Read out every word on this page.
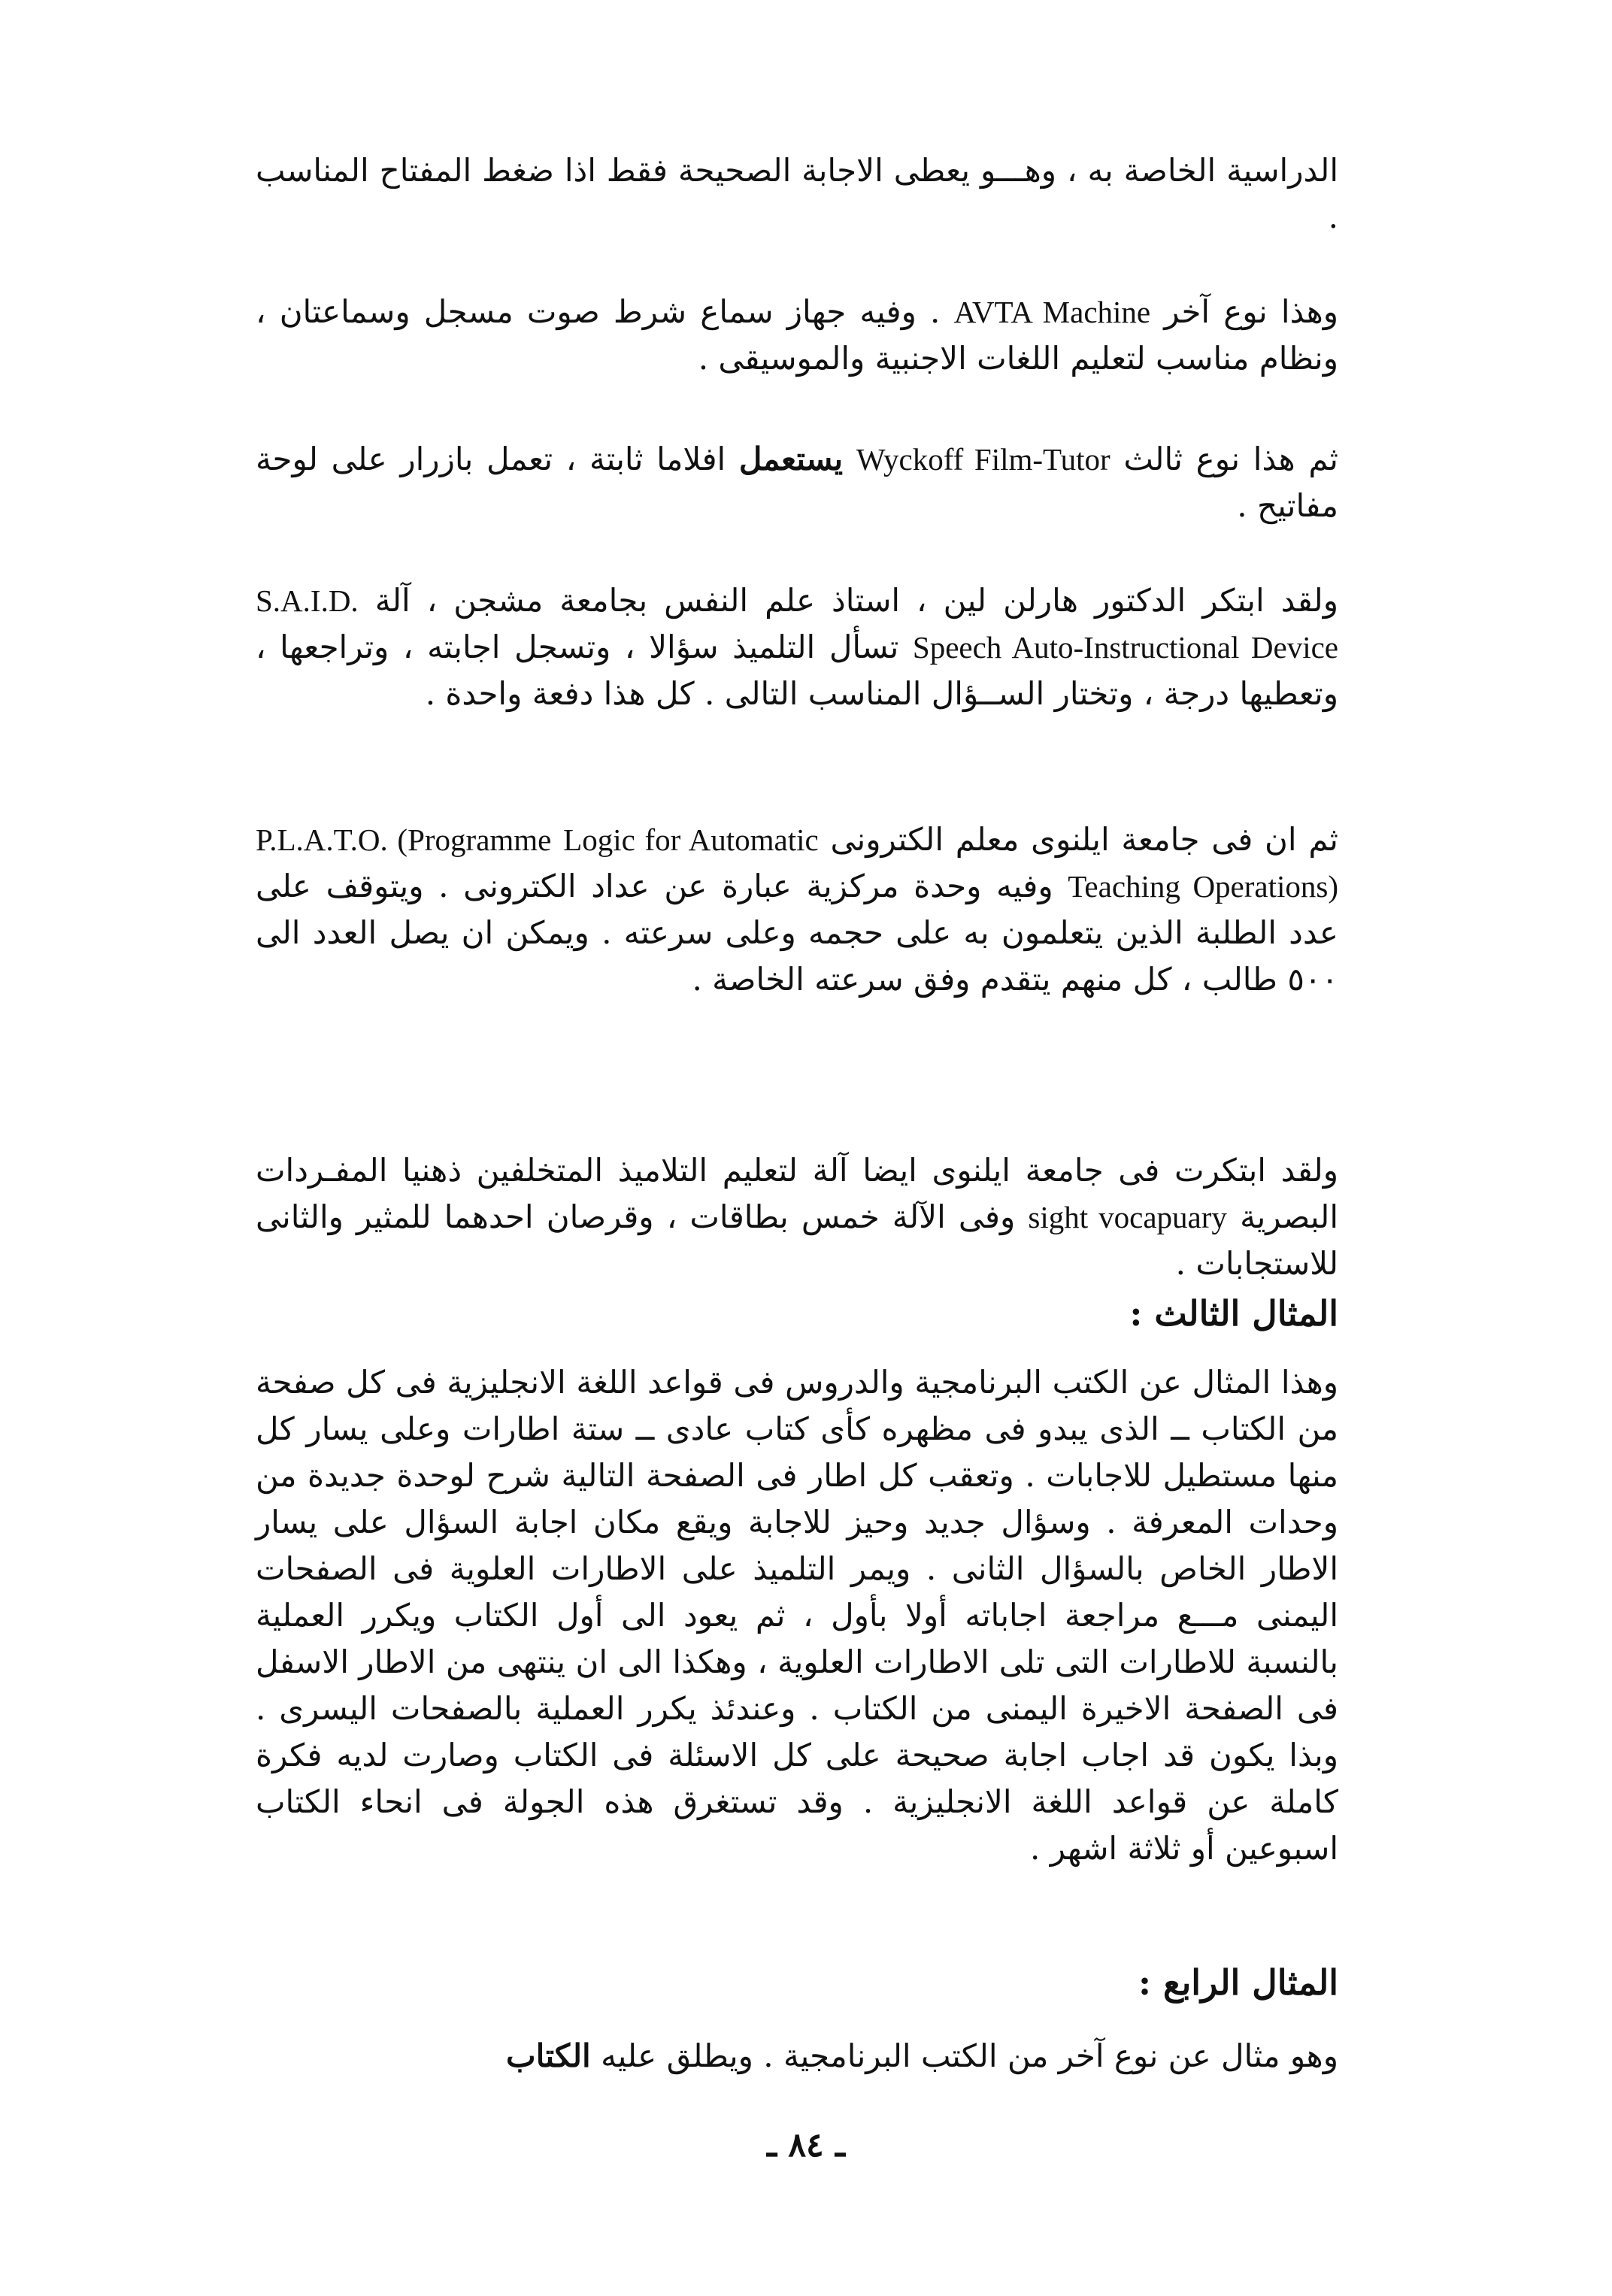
الدراسية الخاصة به ، وهـــو يعطى الاجابة الصحيحة فقط اذا ضغط المفتاح المناسب .

وهذا نوع آخر AVTA Machine . وفيه جهاز سماع شرط صوت مسجل وسماعتان ، ونظام مناسب لتعليم اللغات الاجنبية والموسيقى .

ثم هذا نوع ثالث Wyckoff Film-Tutor يستعمل افلاما ثابتة ، تعمل بازرار على لوحة مفاتيح .

ولقد ابتكر الدكتور هارلن لين ، استاذ علم النفس بجامعة مشجن ، آلة S.A.I.D. Speech Auto-Instructional Device تسأل التلميذ سؤالا ، وتسجل اجابته ، وتراجعها ، وتعطيها درجة ، وتختار الســؤال المناسب التالى . كل هذا دفعة واحدة .

ثم ان فى جامعة ايلنوى معلم الكترونى P.L.A.T.O. (Programme Logic for Automatic Teaching Operations) وفيه وحدة مركزية عبارة عن عداد الكترونى . ويتوقف على عدد الطلبة الذين يتعلمون به على حجمه وعلى سرعته . ويمكن ان يصل العدد الى ٥٠٠ طالب ، كل منهم يتقدم وفق سرعته الخاصة .

ولقد ابتكرت فى جامعة ايلنوى ايضا آلة لتعليم التلاميذ المتخلفين ذهنيا المفـردات البصرية sight vocapuary وفى الآلة خمس بطاقات ، وقرصان احدهما للمثير والثانى للاستجابات .

المثال الثالث :

وهذا المثال عن الكتب البرنامجية والدروس فى قواعد اللغة الانجليزية فى كل صفحة من الكتاب ــ الذى يبدو فى مظهره كأى كتاب عادى ــ ستة اطارات وعلى يسار كل منها مستطيل للاجابات . وتعقب كل اطار فى الصفحة التالية شرح لوحدة جديدة من وحدات المعرفة . وسؤال جديد وحيز للاجابة ويقع مكان اجابة السؤال على يسار الاطار الخاص بالسؤال الثانى . ويمر التلميذ على الاطارات العلوية فى الصفحات اليمنى مـــع مراجعة اجاباته أولا بأول ، ثم يعود الى أول الكتاب ويكرر العملية بالنسبة للاطارات التى تلى الاطارات العلوية ، وهكذا الى ان ينتهى من الاطار الاسفل فى الصفحة الاخيرة اليمنى من الكتاب . وعندئذ يكرر العملية بالصفحات اليسرى . وبذا يكون قد اجاب اجابة صحيحة على كل الاسئلة فى الكتاب وصارت لديه فكرة كاملة عن قواعد اللغة الانجليزية . وقد تستغرق هذه الجولة فى انحاء الكتاب اسبوعين أو ثلاثة اشهر .

المثال الرابع :

وهو مثال عن نوع آخر من الكتب البرنامجية . ويطلق عليه الكتاب

ـ ٨٤ ـ
